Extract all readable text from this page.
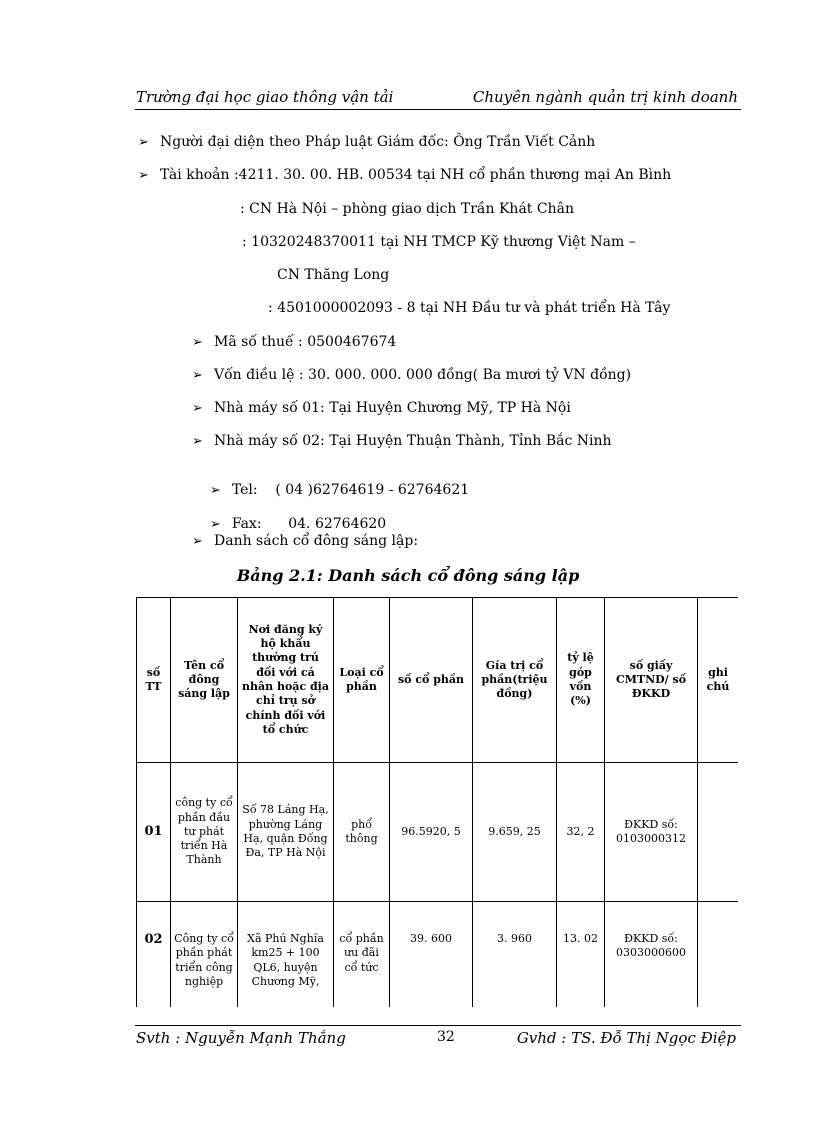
Trường đại học giao thông vận tải	Chuyên ngành quản trị kinh doanh
➢ Người đại diện theo Pháp luật Giám đốc: Ông Trần Viết Cảnh
➢ Tài khoản :4211. 30. 00. HB. 00534 tại NH cổ phần thương mại An Bình
: CN Hà Nội – phòng giao dịch Trần Khát Chân
: 10320248370011 tại NH TMCP Kỹ thương Việt Nam –
CN Thăng Long
: 4501000002093 - 8 tại NH Đầu tư và phát triển Hà Tây
➢ Mã số thuế : 0500467674
➢ Vốn điều lệ : 30. 000. 000. 000 đồng( Ba mươi tỷ VN đồng)
➢ Nhà máy số 01: Tại Huyện Chương Mỹ, TP Hà Nội
➢ Nhà máy số 02: Tại Huyện Thuận Thành, Tỉnh Bắc Ninh

➢ Tel:    ( 04 )62764619 - 62764621

➢ Fax:      04. 62764620

➢ Danh sách cổ đông sáng lập:
Bảng 2.1: Danh sách cổ đông sáng lập
số TT	Tên cổ đông sáng lập	Nơi đăng ký hộ khẩu thường trú đối với cá nhân hoặc địa chỉ trụ sở chính đối với tổ chức	Loại cổ phần	số cổ phần	Gía trị cổ phần(triệu đồng)	tỷ lệ góp vốn (%)	số giấy CMTND/ số ĐKKD	ghi chú
01	công ty cổ phần đầu tư phát triển Hà Thành	Số 78 Láng Hạ, phường Láng Hạ, quận Đống Đa, TP Hà Nội	phổ thông	96.5920, 5	9.659, 25	32, 2	ĐKKD số: 0103000312	
02	Công ty cổ phần phát triển công nghiệp	Xã Phú Nghĩa km25 + 100 QL6, huyện Chương Mỹ,	cổ phần ưu đãi cổ tức	39. 600	3. 960	13. 02	ĐKKD số: 0303000600	
Svth : Nguyễn Mạnh Thắng	32	Gvhd : TS. Đỗ Thị Ngọc Điệp
